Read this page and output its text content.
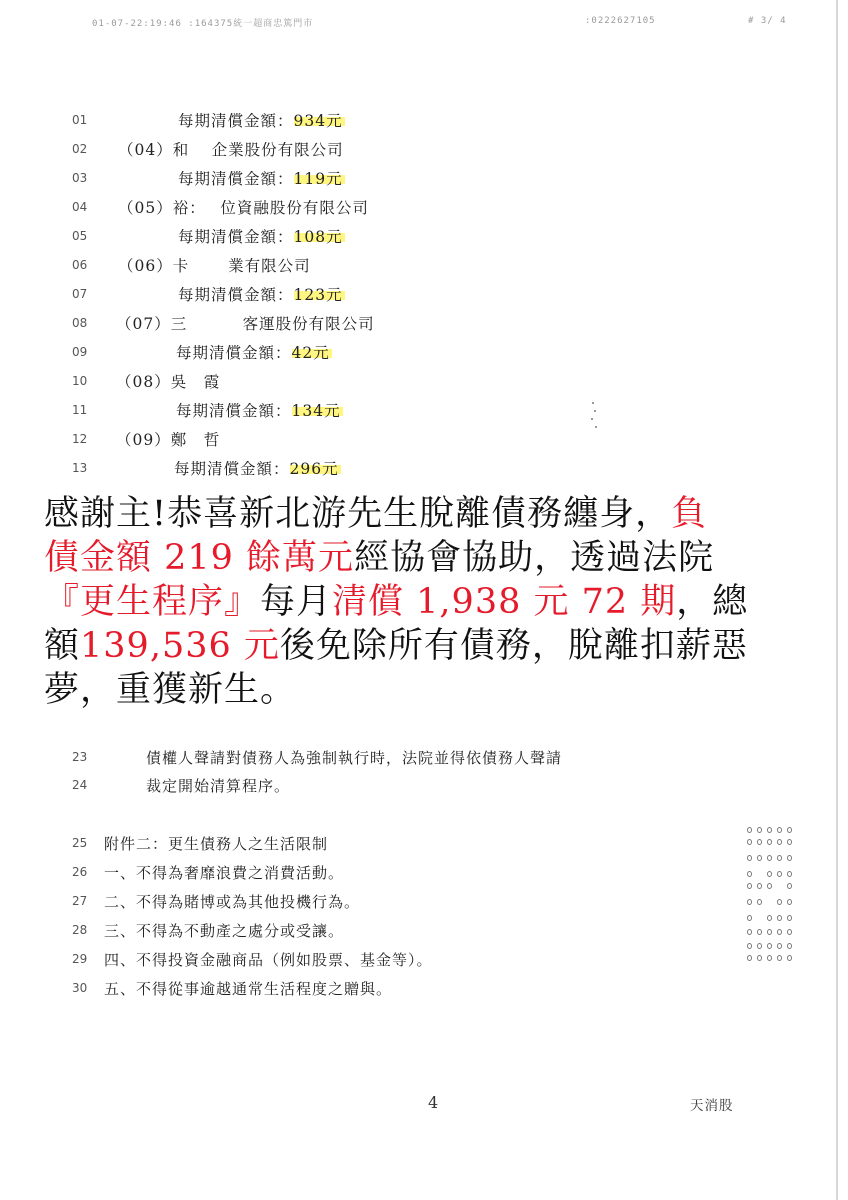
01-07-22:19:46 :164375統一超商忠篤門市	:0222627105	# 3/ 4
01	每期清償金額：934元
02	（04）和　 企業股份有限公司
03	每期清償金額：119元
04	（05）裕：　 位資融股份有限公司
05	每期清償金額：108元
06	（06）卡　　 業有限公司
07	每期清償金額：123元
08	（07）三　　　 客運股份有限公司
09	每期清償金額：42元
10	（08）吳　霞
11	每期清償金額：134元
12	（09）鄭　哲
13	每期清償金額：296元
感謝主!恭喜新北游先生脫離債務纏身，負
債金額 219 餘萬元經協會協助，透過法院
『更生程序』每月清償 1,938 元 72 期，總
額139,536 元後免除所有債務，脫離扣薪惡
夢，重獲新生。
23	債權人聲請對債務人為強制執行時，法院並得依債務人聲請
24	裁定開始清算程序。
25	附件二：更生債務人之生活限制
26	一、不得為奢靡浪費之消費活動。
27	二、不得為賭博或為其他投機行為。
28	三、不得為不動產之處分或受讓。
29	四、不得投資金融商品（例如股票、基金等）。
30	五、不得從事逾越通常生活程度之贈與。
4	天消股
